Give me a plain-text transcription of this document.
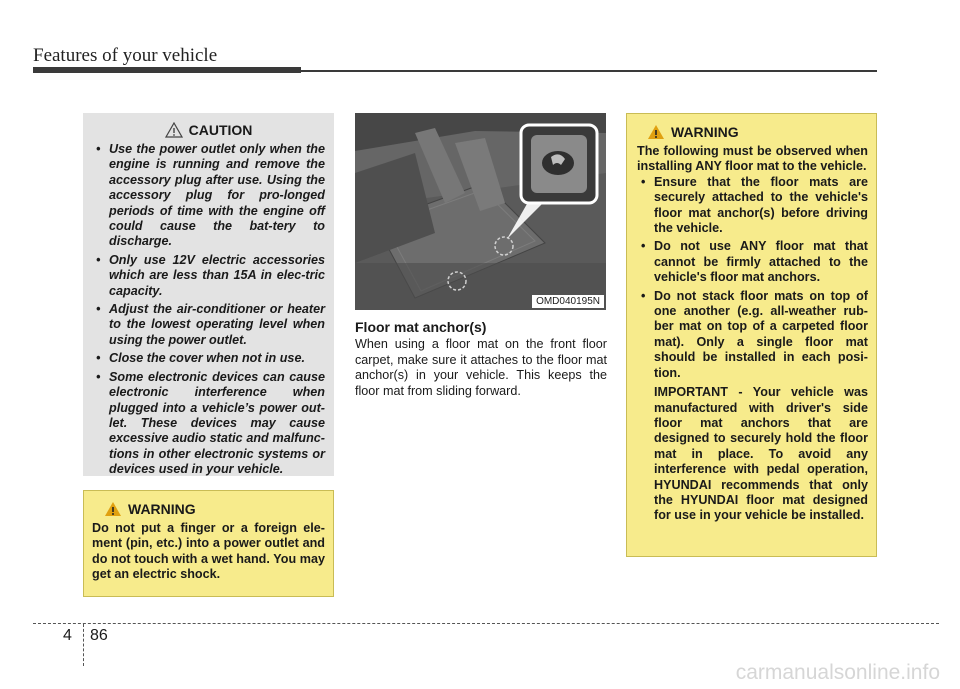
Features of your vehicle
CAUTION
• Use the power outlet only when the engine is running and remove the accessory plug after use. Using the accessory plug for pro-longed periods of time with the engine off could cause the bat-tery to discharge.
• Only use 12V electric accessories which are less than 15A in elec-tric capacity.
• Adjust the air-conditioner or heater to the lowest operating level when using the power outlet.
• Close the cover when not in use.
• Some electronic devices can cause electronic interference when plugged into a vehicle’s power out-let. These devices may cause excessive audio static and malfunc-tions in other electronic systems or devices used in your vehicle.
WARNING

Do not put a finger or a foreign ele-ment (pin, etc.) into a power outlet and do not touch with a wet hand. You may get an electric shock.

OMD040195N
Floor mat anchor(s)

When using a floor mat on the front floor carpet, make sure it attaches to the floor mat anchor(s) in your vehicle. This keeps the floor mat from sliding forward.

WARNING

The following must be observed when installing ANY floor mat to the vehicle.

• Ensure that the floor mats are securely attached to the vehicle's floor mat anchor(s) before driving the vehicle.
• Do not use ANY floor mat that cannot be firmly attached to the vehicle's floor mat anchors.
• Do not stack floor mats on top of one another (e.g. all-weather rub-ber mat on top of a carpeted floor mat). Only a single floor mat should be installed in each posi-tion.

IMPORTANT - Your vehicle was manufactured with driver's side floor mat anchors that are designed to securely hold the floor mat in place. To avoid any interference with pedal operation, HYUNDAI recommends that only the HYUNDAI floor mat designed for use in your vehicle be installed.

4 86
carmanualsonline.info
